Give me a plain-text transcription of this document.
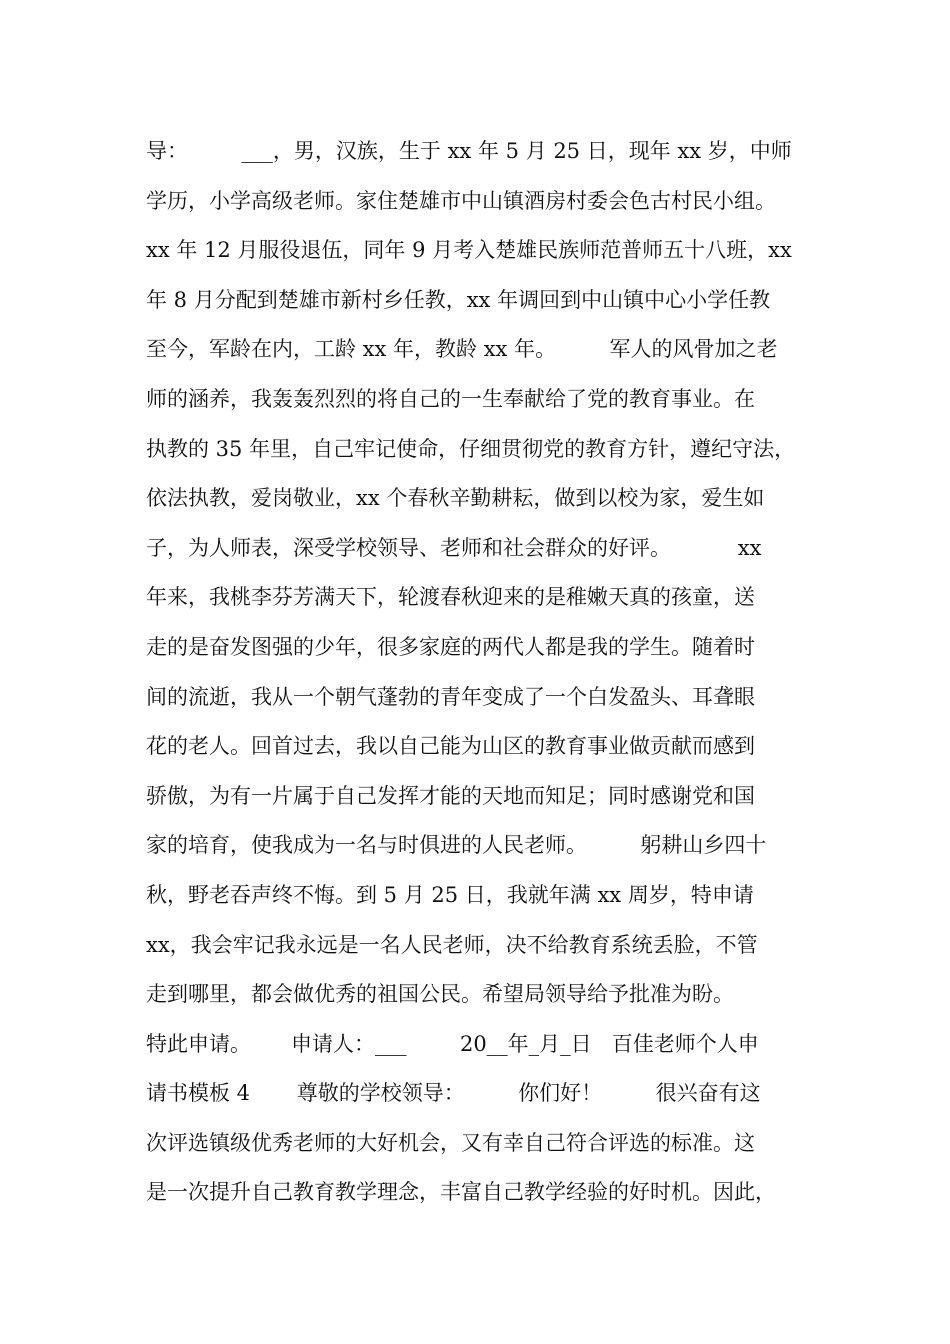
导：        ___，男，汉族，生于 xx 年 5 月 25 日，现年 xx 岁，中师
学历，小学高级老师。家住楚雄市中山镇酒房村委会色古村民小组。
xx 年 12 月服役退伍，同年 9 月考入楚雄民族师范普师五十八班，xx
年 8 月分配到楚雄市新村乡任教，xx 年调回到中山镇中心小学任教
至今，军龄在内，工龄 xx 年，教龄 xx 年。        军人的风骨加之老
师的涵养，我轰轰烈烈的将自己的一生奉献给了党的教育事业。在
执教的 35 年里，自己牢记使命，仔细贯彻党的教育方针，遵纪守法，
依法执教，爱岗敬业，xx 个春秋辛勤耕耘，做到以校为家，爱生如
子，为人师表，深受学校领导、老师和社会群众的好评。          xx
年来，我桃李芬芳满天下，轮渡春秋迎来的是稚嫩天真的孩童，送
走的是奋发图强的少年，很多家庭的两代人都是我的学生。随着时
间的流逝，我从一个朝气蓬勃的青年变成了一个白发盈头、耳聋眼
花的老人。回首过去，我以自己能为山区的教育事业做贡献而感到
骄傲，为有一片属于自己发挥才能的天地而知足；同时感谢党和国
家的培育，使我成为一名与时俱进的人民老师。        躬耕山乡四十
秋，野老吞声终不悔。到 5 月 25 日，我就年满 xx 周岁，特申请
xx，我会牢记我永远是一名人民老师，决不给教育系统丢脸，不管
走到哪里，都会做优秀的祖国公民。希望局领导给予批准为盼。
特此申请。      申请人：___        20__年_月_日   百佳老师个人申
请书模板 4       尊敬的学校领导：        你们好！        很兴奋有这
次评选镇级优秀老师的大好机会，又有幸自己符合评选的标准。这
是一次提升自己教育教学理念，丰富自己教学经验的好时机。因此，
